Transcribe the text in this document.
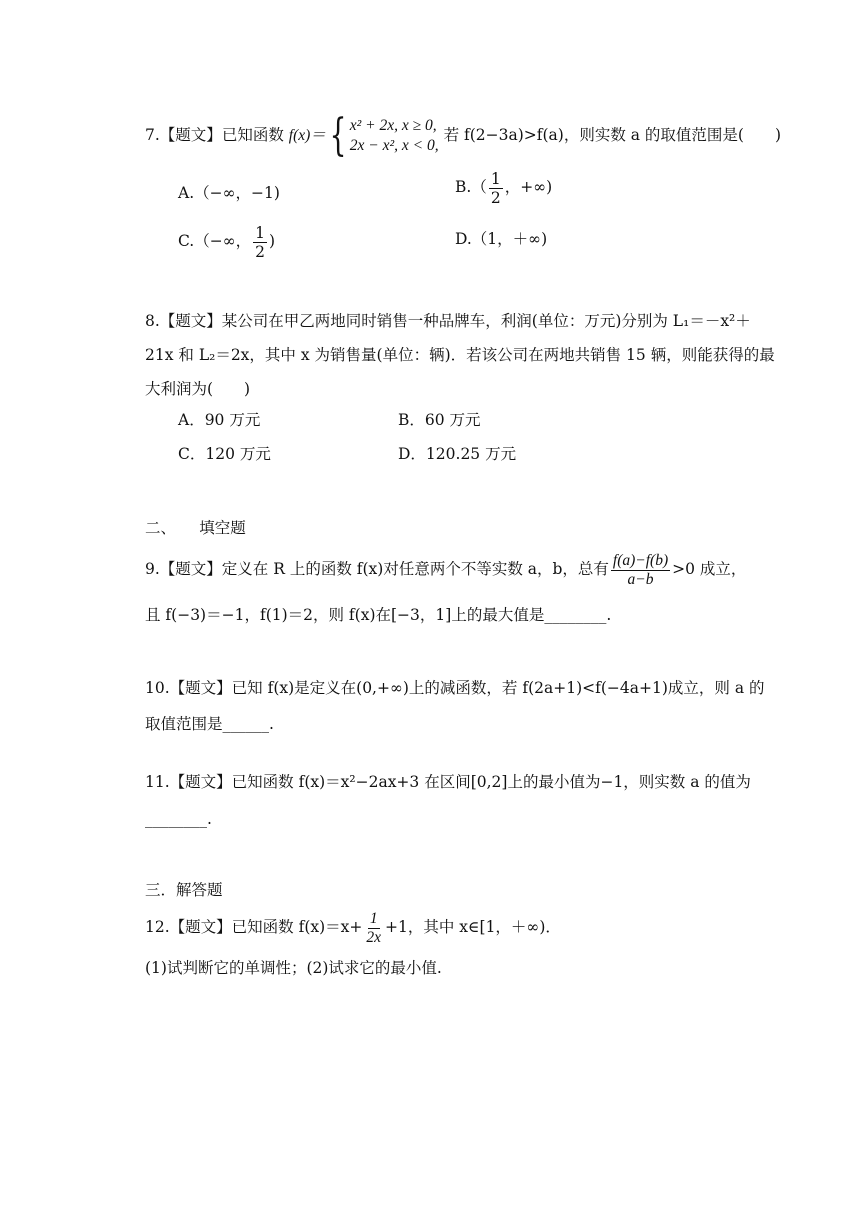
7.【题文】已知函数 f(x)＝{ x² + 2x, x ≥ 0,
2x − x², x < 0,
若 f(2−3a)>f(a)，则实数 a 的取值范围是(　　)
A.（−∞，−1)	$B.( \frac{1}{2}$ ，+∞)
C.（−∞， $\frac{1}{2}$ )	D.（1，＋∞)
8.【题文】某公司在甲乙两地同时销售一种品牌车，利润(单位：万元)分别为 L₁＝－x²＋
21x 和 L₂＝2x，其中 x 为销售量(单位：辆)．若该公司在两地共销售 15 辆，则能获得的最
大利润为(　　)
A．90 万元	B．60 万元
C．120 万元	D．120.25 万元
二、　　填空题
9.【题文】定义在 R 上的函数 f(x)对任意两个不等实数 a，b，总有 $\frac{f(a)-f(b)}{a-b} >0$ 成立，
且 f(−3)＝−1，f(1)＝2，则 f(x)在[−3，1]上的最大值是________.
10.【题文】已知 f(x)是定义在(0,+∞)上的减函数，若 f(2a+1)<f(−4a+1)成立，则 a 的
取值范围是______.
11.【题文】已知函数 f(x)＝x²−2ax+3 在区间[0,2]上的最小值为−1，则实数 a 的值为
________.
三．解答题
12.【题文】已知函数 $f(x)=x+ \frac{1}{2x} +1$，其中 x∈[1，＋∞)．
(1)试判断它的单调性；(2)试求它的最小值.
